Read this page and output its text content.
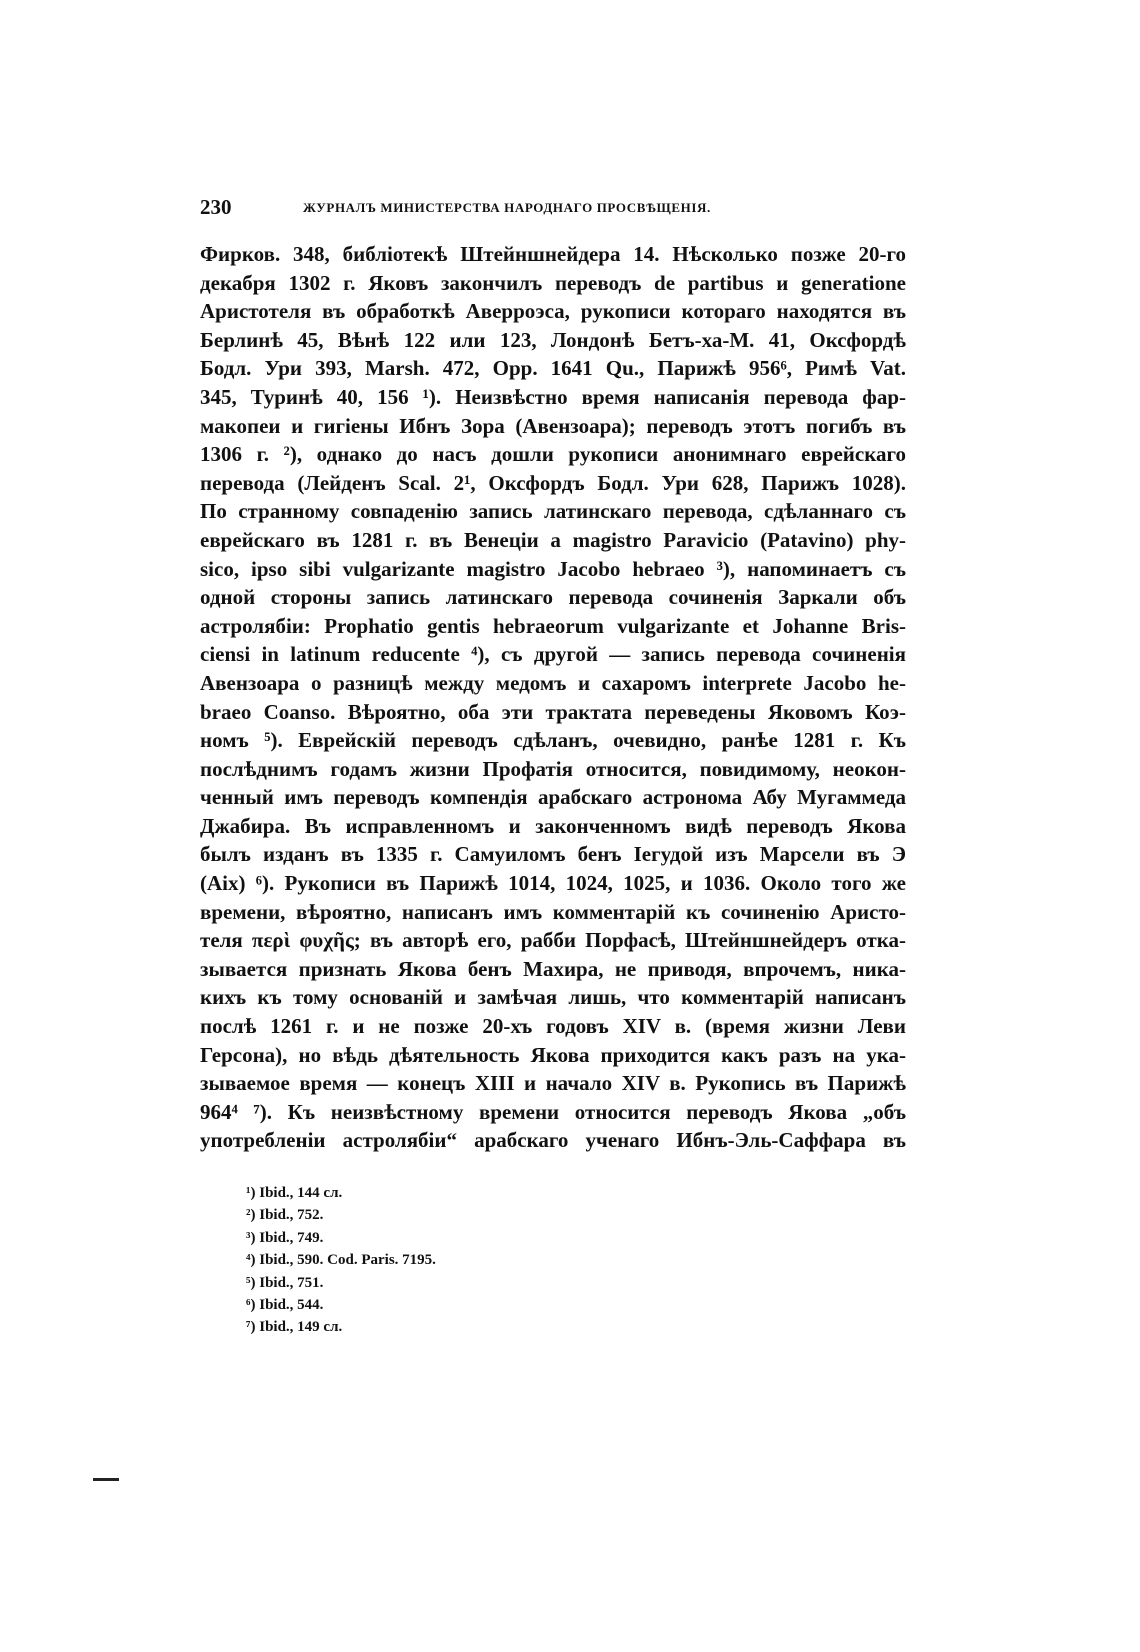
230	ЖУРНАЛЪ МИНИСТЕРСТВА НАРОДНАГО ПРОСВѢЩЕНІЯ.
Фирков. 348, библіотекѣ Штейншнейдера 14. Нѣсколько позже 20-го
декабря 1302 г. Яковъ закончилъ переводъ de partibus и generatione
Аристотеля въ обработкѣ Аверроэса, рукописи котораго находятся въ
Берлинѣ 45, Вѣнѣ 122 или 123, Лондонѣ Бетъ-ха-М. 41, Оксфордѣ
Бодл. Ури 393, Marsh. 472, Opp. 1641 Qu., Парижѣ 956⁶, Римѣ Vat.
345, Туринѣ 40, 156 ¹). Неизвѣстно время написанія перевода фар-
макопеи и гигіены Ибнъ Зора (Авензоара); переводъ этотъ погибъ въ
1306 г. ²), однако до насъ дошли рукописи анонимнаго еврейскаго
перевода (Лейденъ Scal. 2¹, Оксфордъ Бодл. Ури 628, Парижъ 1028).
По странному совпаденію запись латинскаго перевода, сдѣланнаго съ
еврейскаго въ 1281 г. въ Венеціи a magistro Paravicio (Patavino) phy-
sico, ipso sibi vulgarizante magistro Jacobo hebraeo ³), напоминаетъ съ
одной стороны запись латинскаго перевода сочиненія Заркали объ
астролябіи: Prophatio gentis hebraeorum vulgarizante et Johanne Bris-
ciensi in latinum reducente ⁴), съ другой — запись перевода сочиненія
Авензоара о разницѣ между медомъ и сахаромъ interprete Jacobo he-
braeo Coanso. Вѣроятно, оба эти трактата переведены Яковомъ Коэ-
номъ ⁵). Еврейскій переводъ сдѣланъ, очевидно, ранѣе 1281 г. Къ
послѣднимъ годамъ жизни Профатія относится, повидимому, неокон-
ченный имъ переводъ компендія арабскаго астронома Абу Мугаммеда
Джабира. Въ исправленномъ и законченномъ видѣ переводъ Якова
былъ изданъ въ 1335 г. Самуиломъ бенъ Іегудой изъ Марсели въ Э
(Aix) ⁶). Рукописи въ Парижѣ 1014, 1024, 1025, и 1036. Около того же
времени, вѣроятно, написанъ имъ комментарій къ сочиненію Аристо-
теля περὶ φυχῆς; въ авторѣ его, рабби Порфасѣ, Штейншнейдеръ отка-
зывается признать Якова бенъ Махира, не приводя, впрочемъ, ника-
кихъ къ тому основаній и замѣчая лишь, что комментарій написанъ
послѣ 1261 г. и не позже 20-хъ годовъ XIV в. (время жизни Леви
Герсона), но вѣдь дѣятельность Якова приходится какъ разъ на ука-
зываемое время — конецъ XIII и начало XIV в. Рукопись въ Парижѣ
964⁴ ⁷). Къ неизвѣстному времени относится переводъ Якова „объ
употребленіи астролябіи“ арабскаго ученаго Ибнъ-Эль-Саффара въ
¹) Ibid., 144 сл.
²) Ibid., 752.
³) Ibid., 749.
⁴) Ibid., 590. Cod. Paris. 7195.
⁵) Ibid., 751.
⁶) Ibid., 544.
⁷) Ibid., 149 сл.
